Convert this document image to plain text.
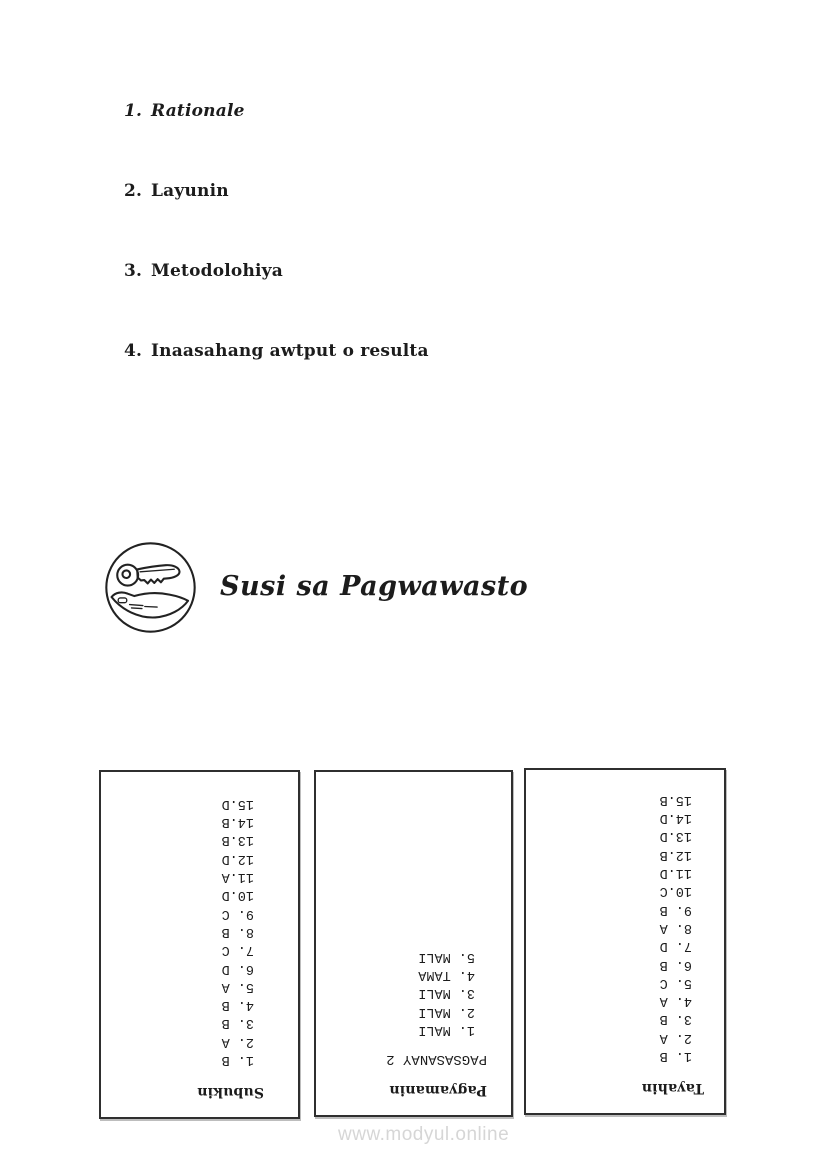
1. Rationale
2. Layunin
3. Metodolohiya
4. Inaasahang awtput o resulta
Susi sa Pagwawasto
Subukin
1. B
2. A
3. B
4. B
5. A
6. D
7. C
8. B
9. C
10.D
11.A
12.D
13.B
14.B
15.D
Pagyamanin
PAGSASANAY 2
1. MALI
2. MALI
3. MALI
4. TAMA
5. MALI
Tayahin
1. B
2. A
3. B
4. A
5. C
6. B
7. D
8. A
9. B
10.C
11.D
12.B
13.D
14.D
15.B
www.modyul.online
